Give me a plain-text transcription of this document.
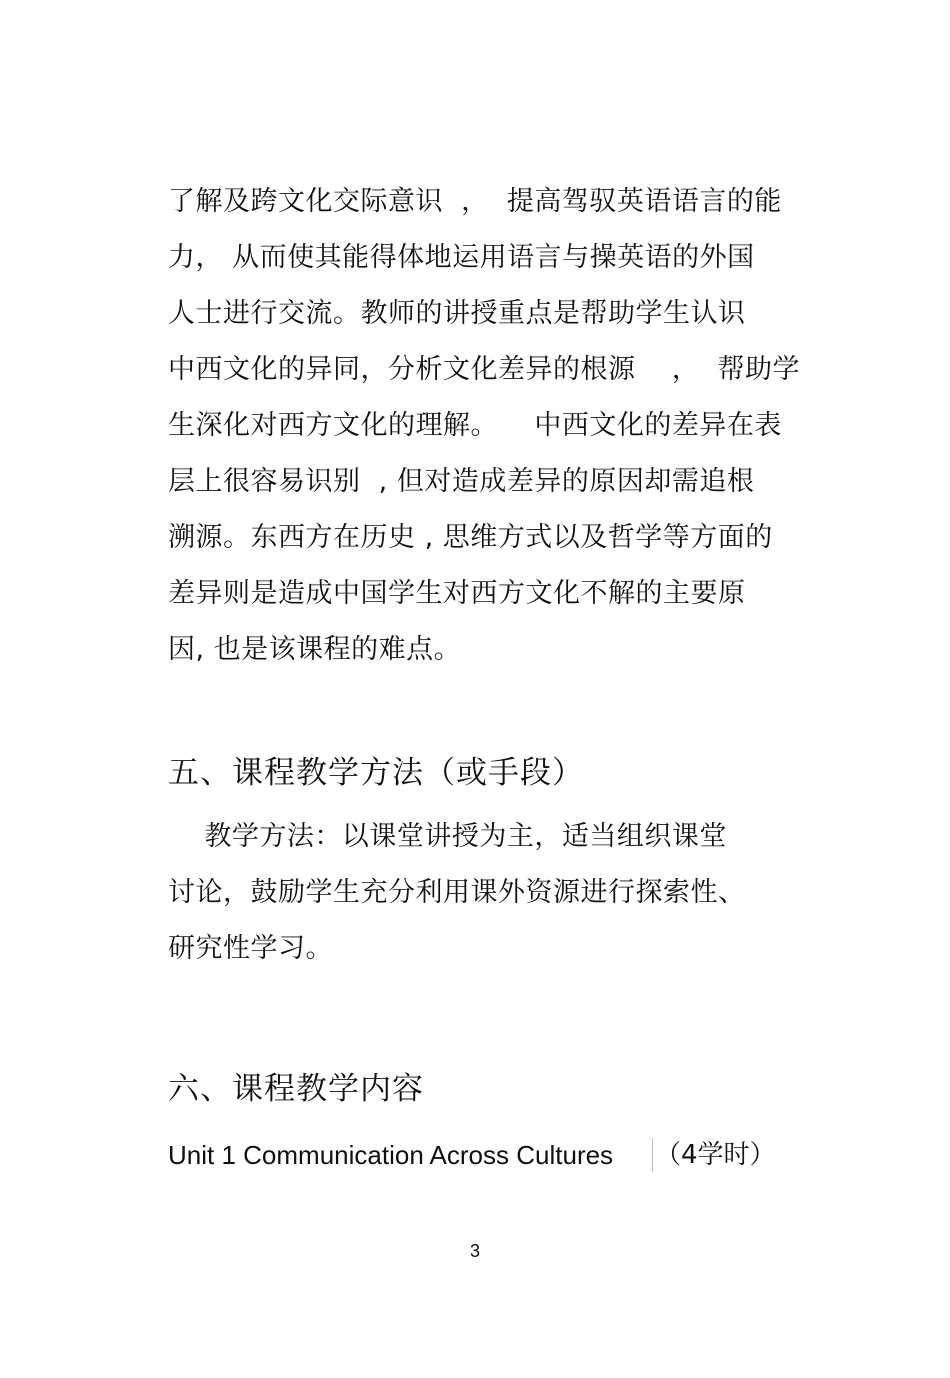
了解及跨文化交际意识  ，  提高驾驭英语语言的能
力， 从而使其能得体地运用语言与操英语的外国
人士进行交流。教师的讲授重点是帮助学生认识
中西文化的异同，分析文化差异的根源    ，  帮助学
生深化对西方文化的理解。    中西文化的差异在表
层上很容易识别  , 但对造成差异的原因却需追根
溯源。东西方在历史 , 思维方式以及哲学等方面的
差异则是造成中国学生对西方文化不解的主要原
因, 也是该课程的难点。
五、课程教学方法（或手段）
教学方法：以课堂讲授为主，适当组织课堂
讨论，鼓励学生充分利用课外资源进行探索性、
研究性学习。
六、课程教学内容
Unit 1 Communication Across Cultures （4学时）
3
